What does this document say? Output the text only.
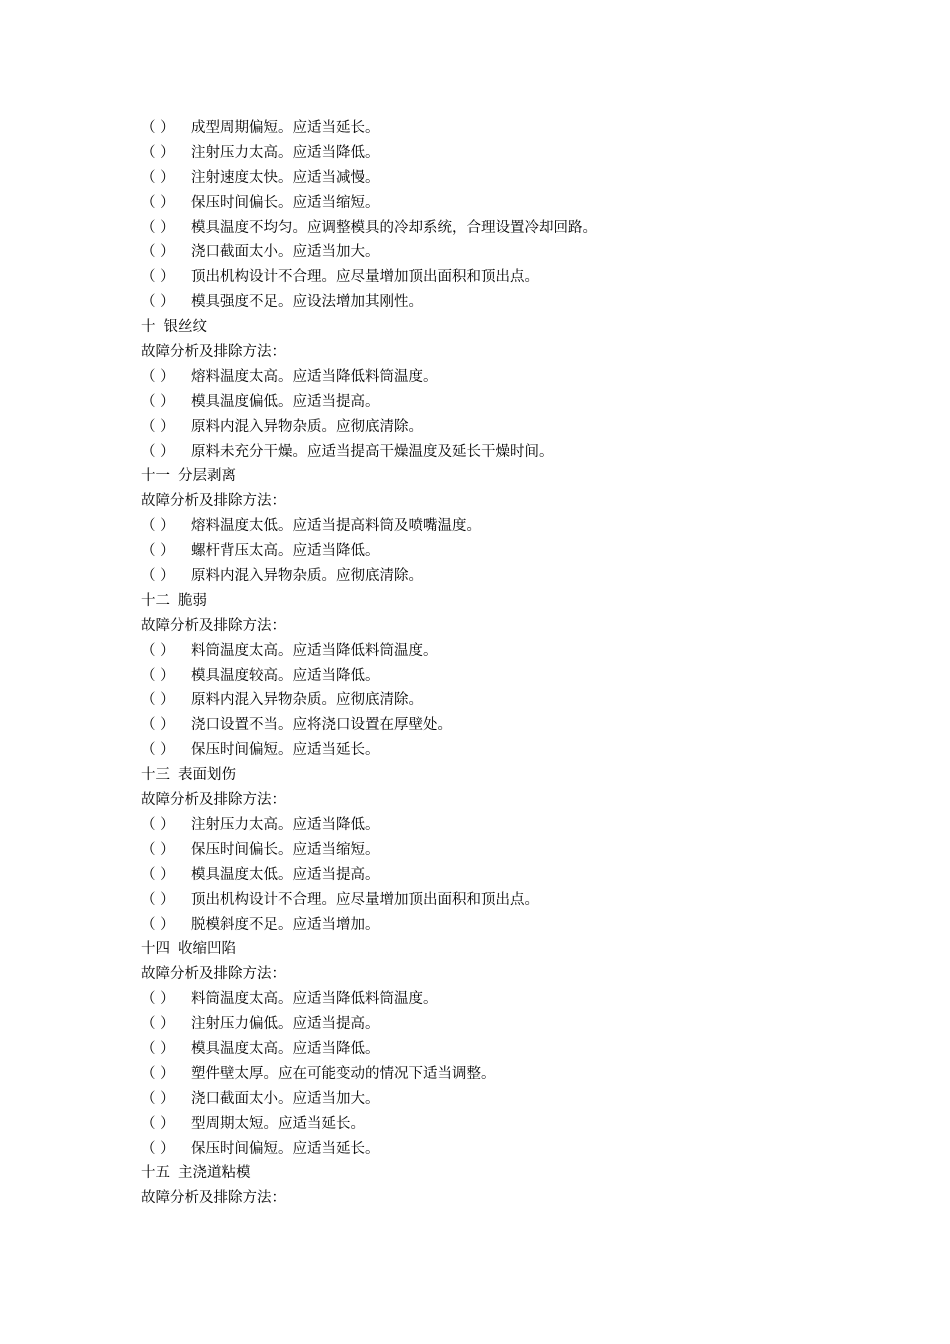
（ ） 成型周期偏短。应适当延长。
（ ） 注射压力太高。应适当降低。
（ ） 注射速度太快。应适当减慢。
（ ） 保压时间偏长。应适当缩短。
（ ） 模具温度不均匀。应调整模具的冷却系统，合理设置冷却回路。
（ ） 浇口截面太小。应适当加大。
（ ） 顶出机构设计不合理。应尽量增加顶出面积和顶出点。
（ ） 模具强度不足。应设法增加其刚性。
十 银丝纹
故障分析及排除方法：
（ ） 熔料温度太高。应适当降低料筒温度。
（ ） 模具温度偏低。应适当提高。
（ ） 原料内混入异物杂质。应彻底清除。
（ ） 原料未充分干燥。应适当提高干燥温度及延长干燥时间。
十一 分层剥离
故障分析及排除方法：
（ ） 熔料温度太低。应适当提高料筒及喷嘴温度。
（ ） 螺杆背压太高。应适当降低。
（ ） 原料内混入异物杂质。应彻底清除。
十二 脆弱
故障分析及排除方法：
（ ） 料筒温度太高。应适当降低料筒温度。
（ ） 模具温度较高。应适当降低。
（ ） 原料内混入异物杂质。应彻底清除。
（ ） 浇口设置不当。应将浇口设置在厚壁处。
（ ） 保压时间偏短。应适当延长。
十三 表面划伤
故障分析及排除方法：
（ ） 注射压力太高。应适当降低。
（ ） 保压时间偏长。应适当缩短。
（ ） 模具温度太低。应适当提高。
（ ） 顶出机构设计不合理。应尽量增加顶出面积和顶出点。
（ ） 脱模斜度不足。应适当增加。
十四 收缩凹陷
故障分析及排除方法：
（ ） 料筒温度太高。应适当降低料筒温度。
（ ） 注射压力偏低。应适当提高。
（ ） 模具温度太高。应适当降低。
（ ） 塑件壁太厚。应在可能变动的情况下适当调整。
（ ） 浇口截面太小。应适当加大。
（ ） 型周期太短。应适当延长。
（ ） 保压时间偏短。应适当延长。
十五 主浇道粘模
故障分析及排除方法：
